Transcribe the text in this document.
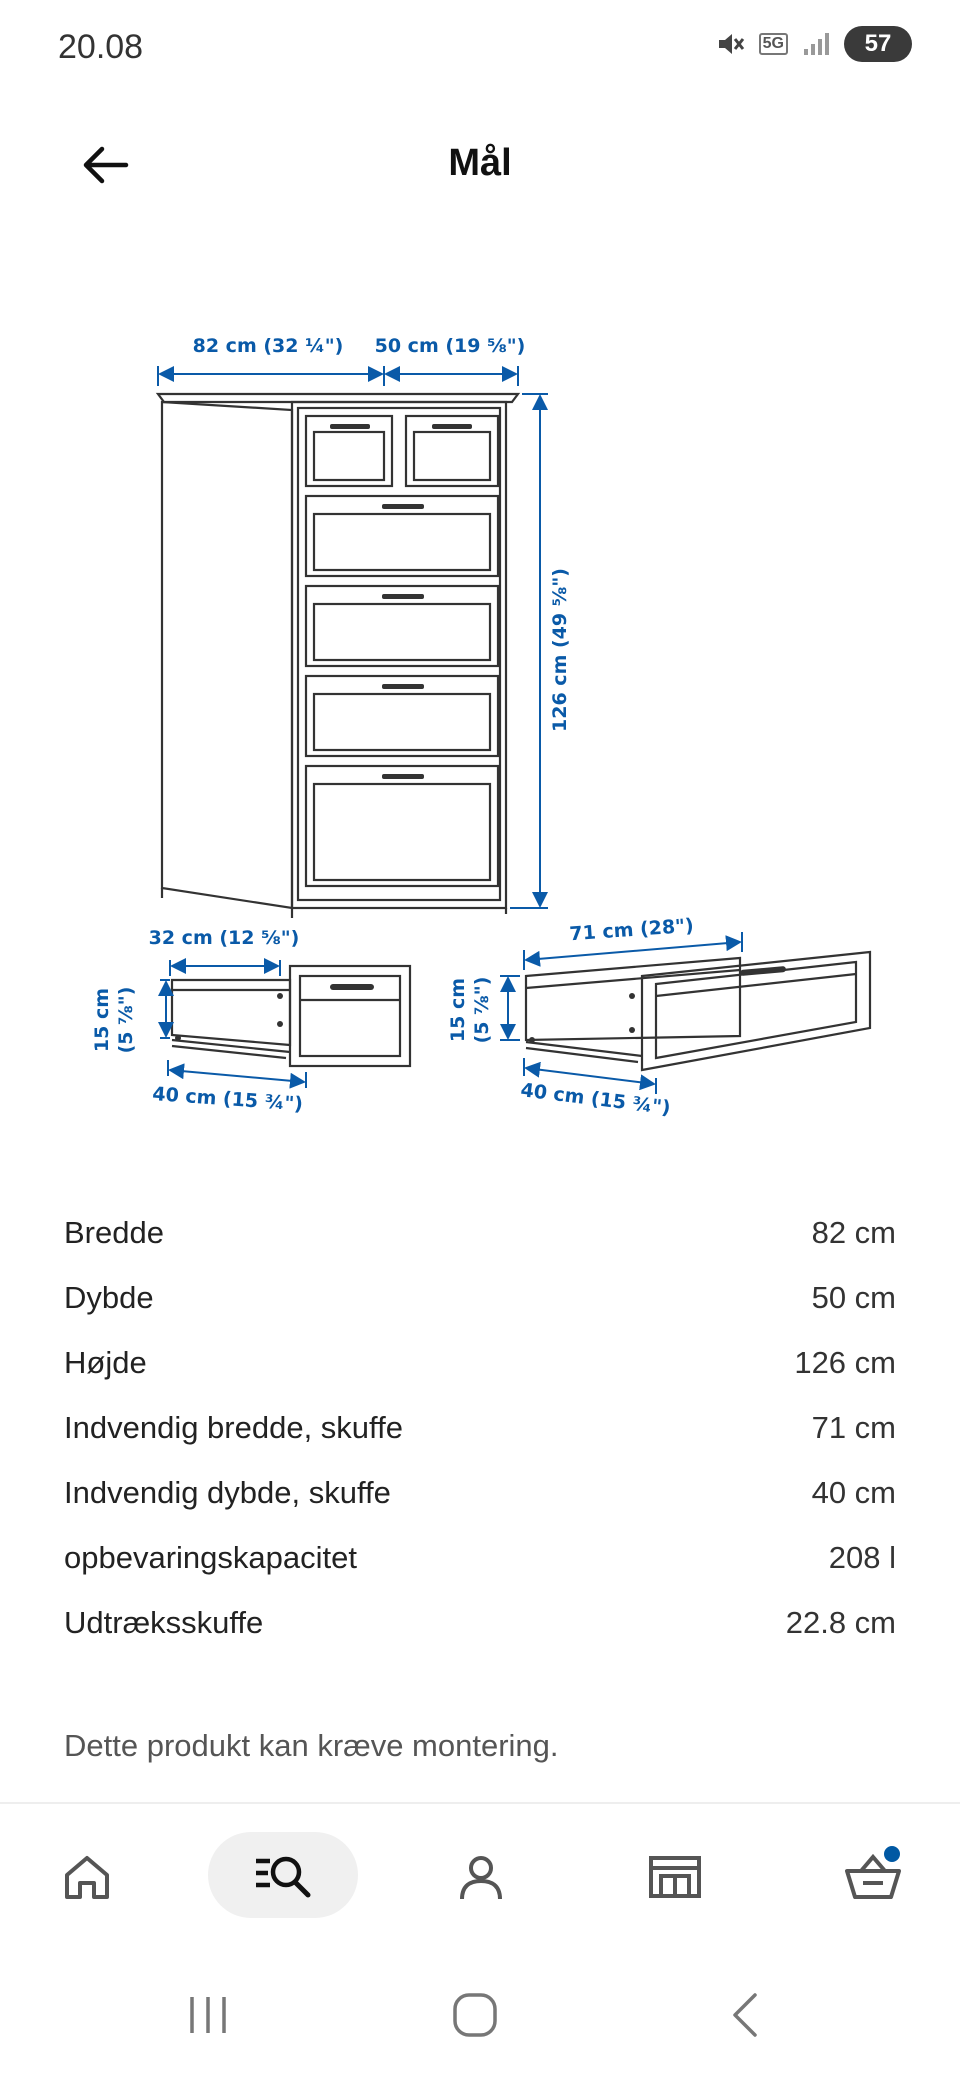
20.08	5G	57
Mål
82 cm (32 ¼") 50 cm (19 ⅝")
126 cm (49 ⅝")
32 cm (12 ⅝")
15 cm (5 ⅞")
40 cm (15 ¾")
71 cm (28")
15 cm (5 ⅞")
40 cm (15 ¾")
Bredde	82 cm
Dybde	50 cm
Højde	126 cm
Indvendig bredde, skuffe	71 cm
Indvendig dybde, skuffe	40 cm
opbevaringskapacitet	208 l
Udtræksskuffe	22.8 cm
Dette produkt kan kræve montering.
